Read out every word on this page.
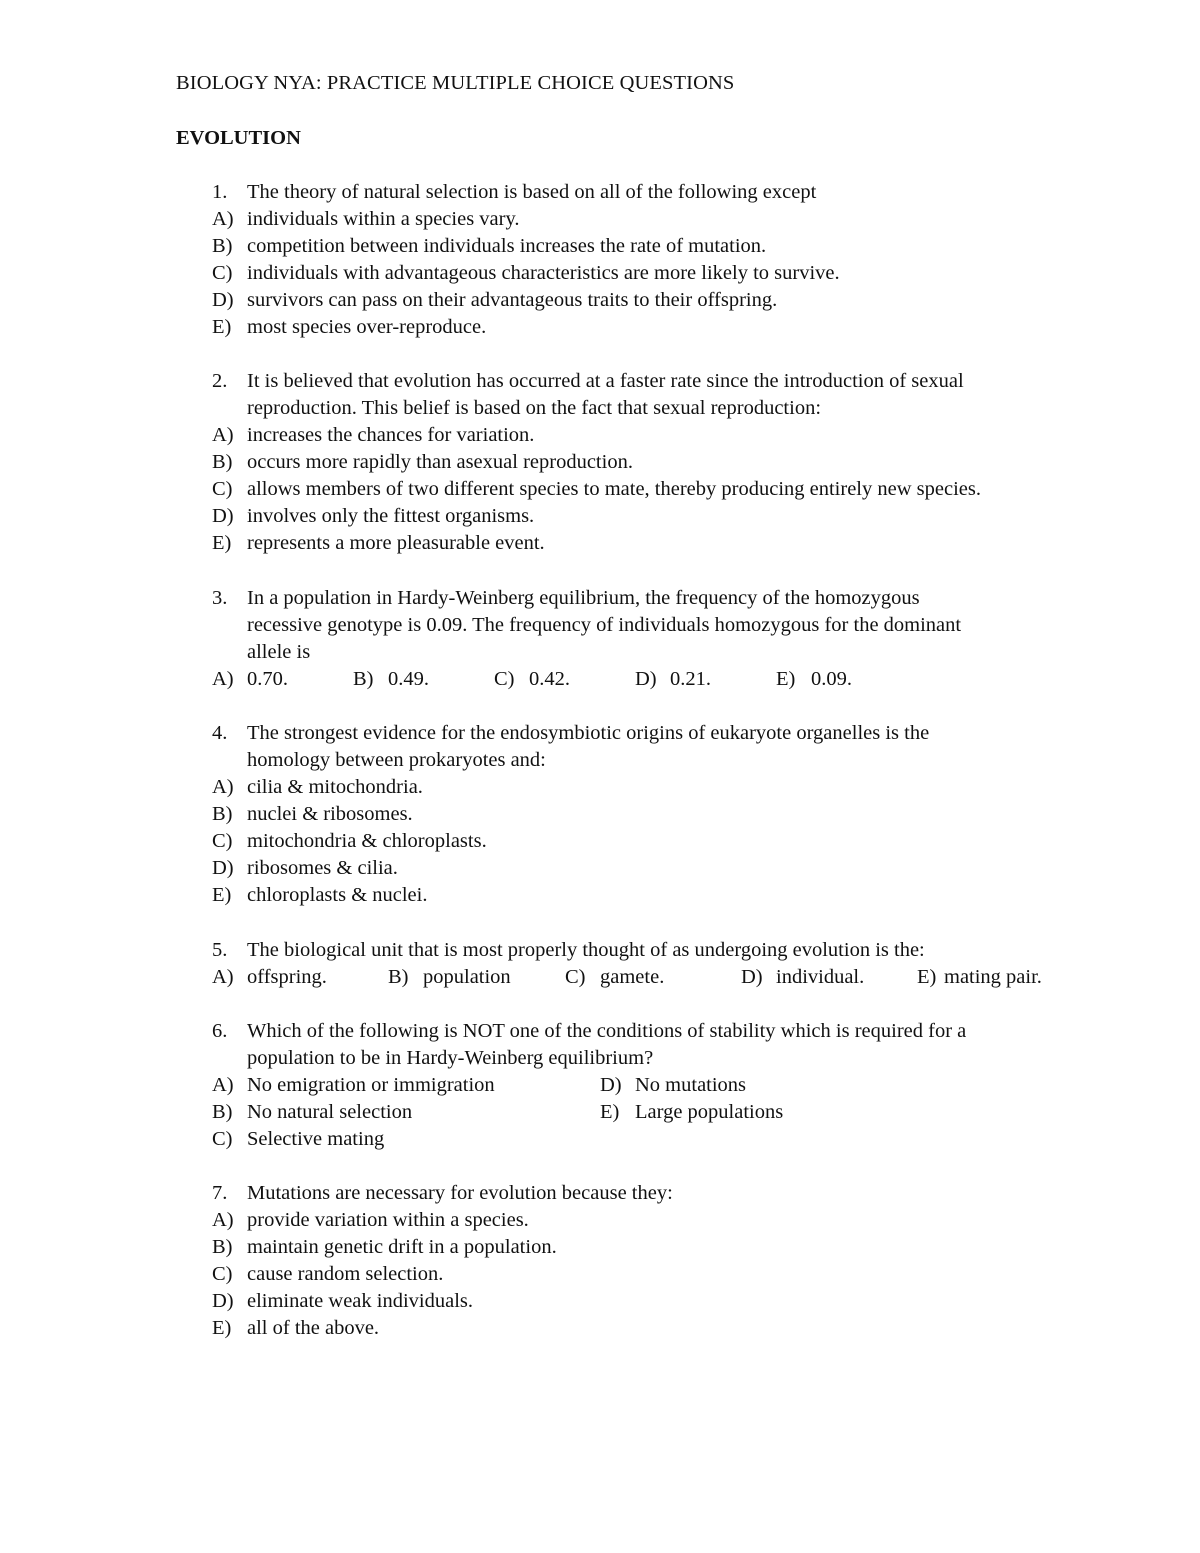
BIOLOGY NYA: PRACTICE MULTIPLE CHOICE QUESTIONS
EVOLUTION
1. The theory of natural selection is based on all of the following except
A) individuals within a species vary.
B) competition between individuals increases the rate of mutation.
C) individuals with advantageous characteristics are more likely to survive.
D) survivors can pass on their advantageous traits to their offspring.
E) most species over-reproduce.
2. It is believed that evolution has occurred at a faster rate since the introduction of sexual
reproduction. This belief is based on the fact that sexual reproduction:
A) increases the chances for variation.
B) occurs more rapidly than asexual reproduction.
C) allows members of two different species to mate, thereby producing entirely new species.
D) involves only the fittest organisms.
E) represents a more pleasurable event.
3. In a population in Hardy-Weinberg equilibrium, the frequency of the homozygous
recessive genotype is 0.09. The frequency of individuals homozygous for the dominant
allele is
A) 0.70.	B) 0.49.	C) 0.42.	D) 0.21.	E) 0.09.
4. The strongest evidence for the endosymbiotic origins of eukaryote organelles is the
homology between prokaryotes and:
A) cilia & mitochondria.
B) nuclei & ribosomes.
C) mitochondria & chloroplasts.
D) ribosomes & cilia.
E) chloroplasts & nuclei.
5. The biological unit that is most properly thought of as undergoing evolution is the:
A) offspring.	B) population	C) gamete.	D) individual.	E) mating pair.
6. Which of the following is NOT one of the conditions of stability which is required for a
population to be in Hardy-Weinberg equilibrium?
A) No emigration or immigration	D) No mutations
B) No natural selection	E) Large populations
C) Selective mating
7. Mutations are necessary for evolution because they:
A) provide variation within a species.
B) maintain genetic drift in a population.
C) cause random selection.
D) eliminate weak individuals.
E) all of the above.
